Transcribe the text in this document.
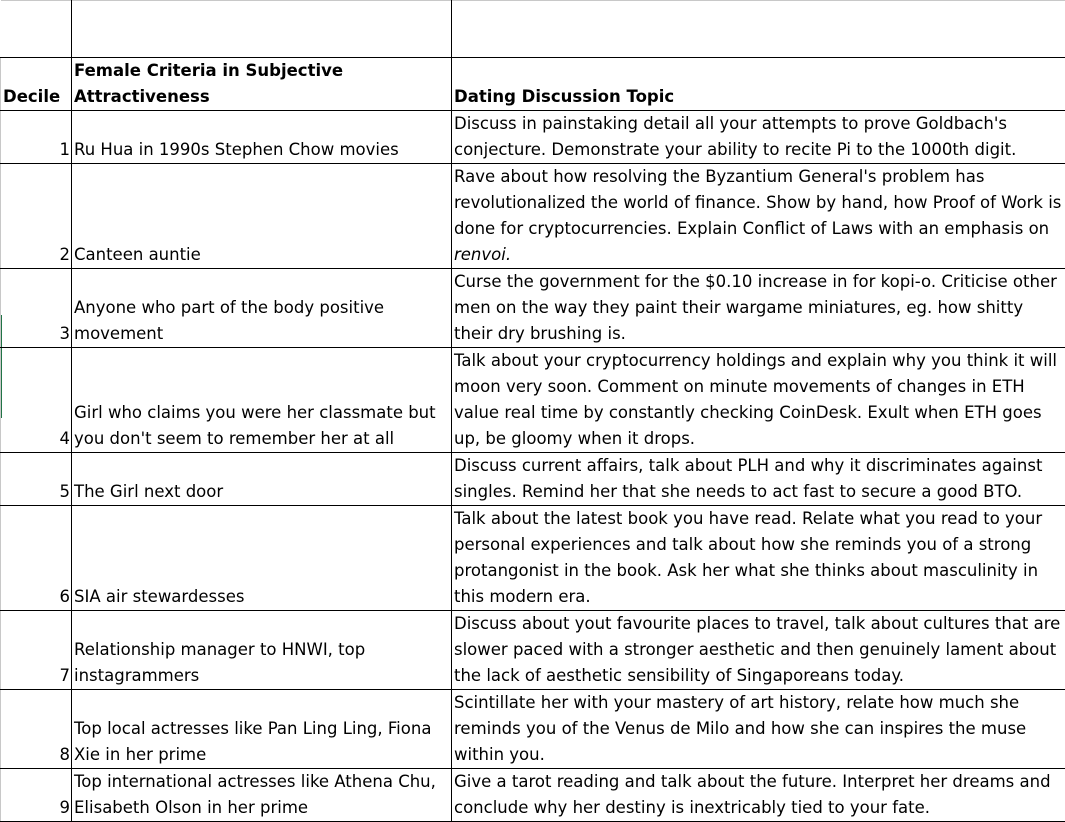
Decile	Female Criteria in Subjective Attractiveness	Dating Discussion Topic
1	Ru Hua in 1990s Stephen Chow movies	Discuss in painstaking detail all your attempts to prove Goldbach's conjecture. Demonstrate your ability to recite Pi to the 1000th digit.
2	Canteen auntie	Rave about how resolving the Byzantium General's problem has revolutionalized the world of finance. Show by hand, how Proof of Work is done for cryptocurrencies. Explain Conflict of Laws with an emphasis on renvoi.
3	Anyone who part of the body positive movement	Curse the government for the $0.10 increase in for kopi-o. Criticise other men on the way they paint their wargame miniatures, eg. how shitty their dry brushing is.
4	Girl who claims you were her classmate but you don't seem to remember her at all	Talk about your cryptocurrency holdings and explain why you think it will moon very soon. Comment on minute movements of changes in ETH value real time by constantly checking CoinDesk. Exult when ETH goes up, be gloomy when it drops.
5	The Girl next door	Discuss current affairs, talk about PLH and why it discriminates against singles. Remind her that she needs to act fast to secure a good BTO.
6	SIA air stewardesses	Talk about the latest book you have read. Relate what you read to your personal experiences and talk about how she reminds you of a strong protangonist in the book. Ask her what she thinks about masculinity in this modern era.
7	Relationship manager to HNWI, top instagrammers	Discuss about yout favourite places to travel, talk about cultures that are slower paced with a stronger aesthetic and then genuinely lament about the lack of aesthetic sensibility of Singaporeans today.
8	Top local actresses like Pan Ling Ling, Fiona Xie in her prime	Scintillate her with your mastery of art history, relate how much she reminds you of the Venus de Milo and how she can inspires the muse within you.
9	Top international actresses like Athena Chu, Elisabeth Olson in her prime	Give a tarot reading and talk about the future. Interpret her dreams and conclude why her destiny is inextricably tied to your fate.
